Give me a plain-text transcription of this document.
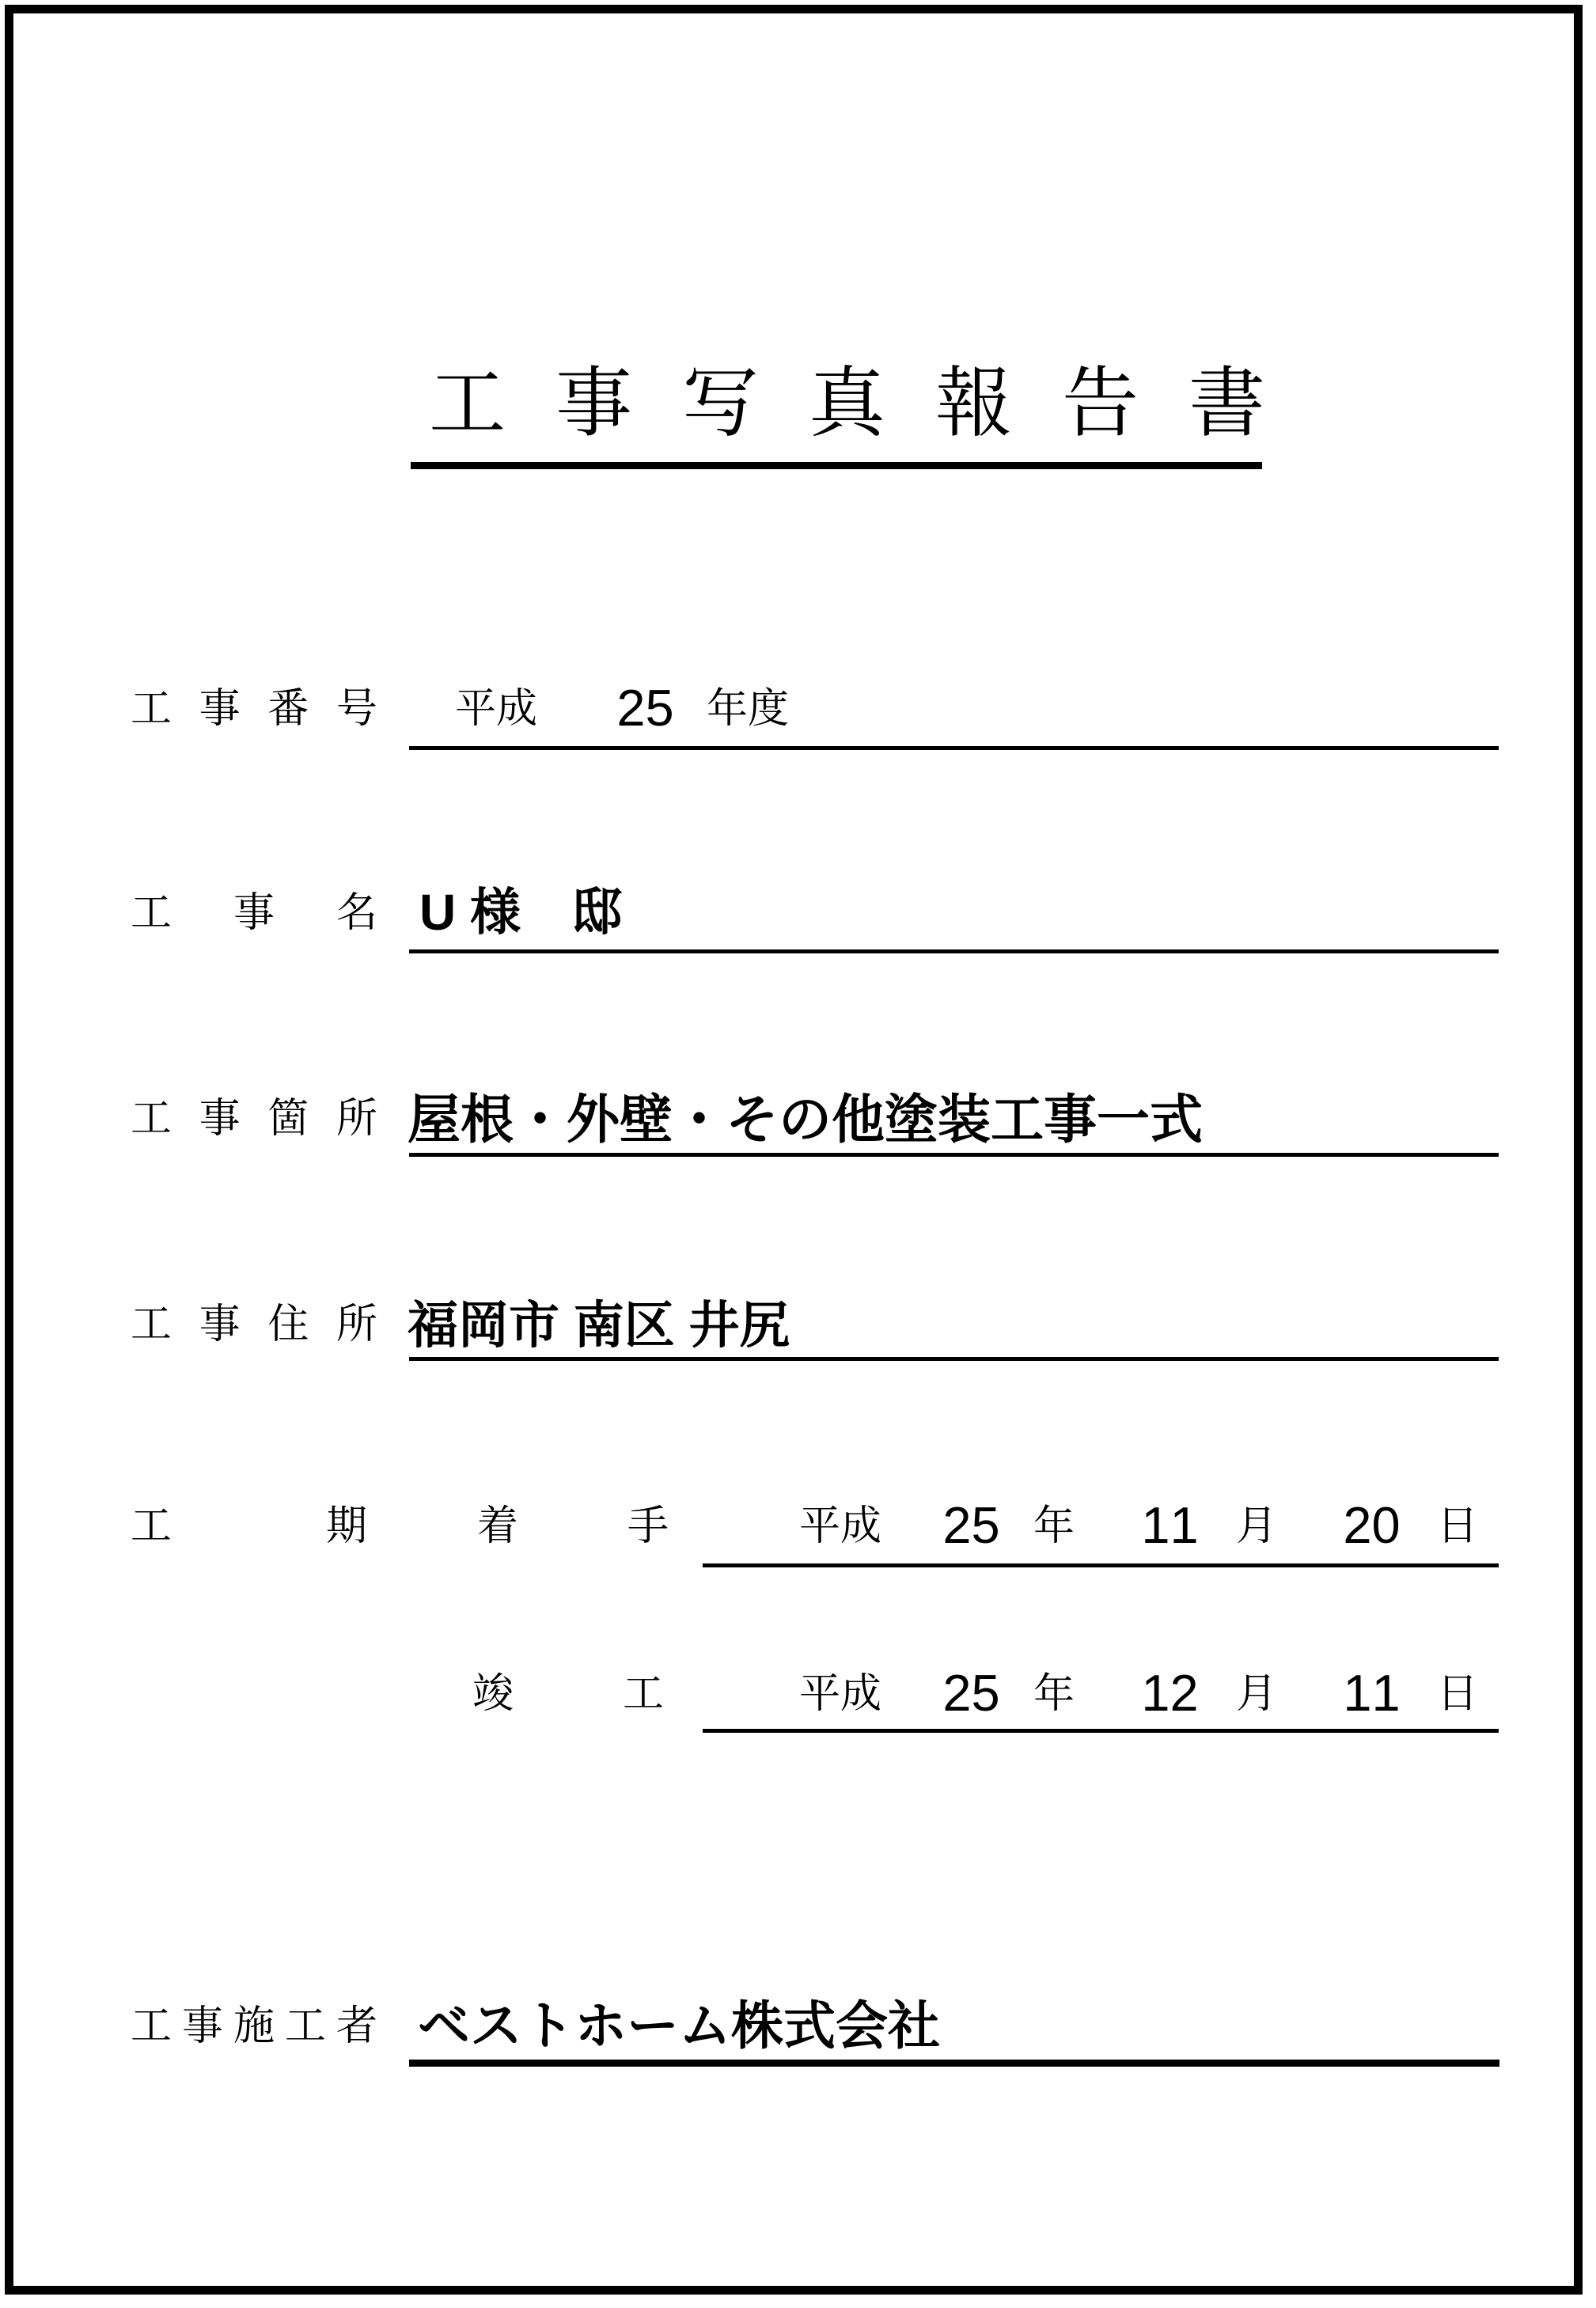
工事写真報告書
工事番号 平成 25 年度
工事名 U 様　邸
工事箇所 屋根・外壁・その他塗装工事一式
工事住所 福岡市 南区 井尻
工期	着手	平成 25 年 11 月 20 日
竣工	平成 25 年 12 月 11 日
工事施工者 ベストホーム株式会社
